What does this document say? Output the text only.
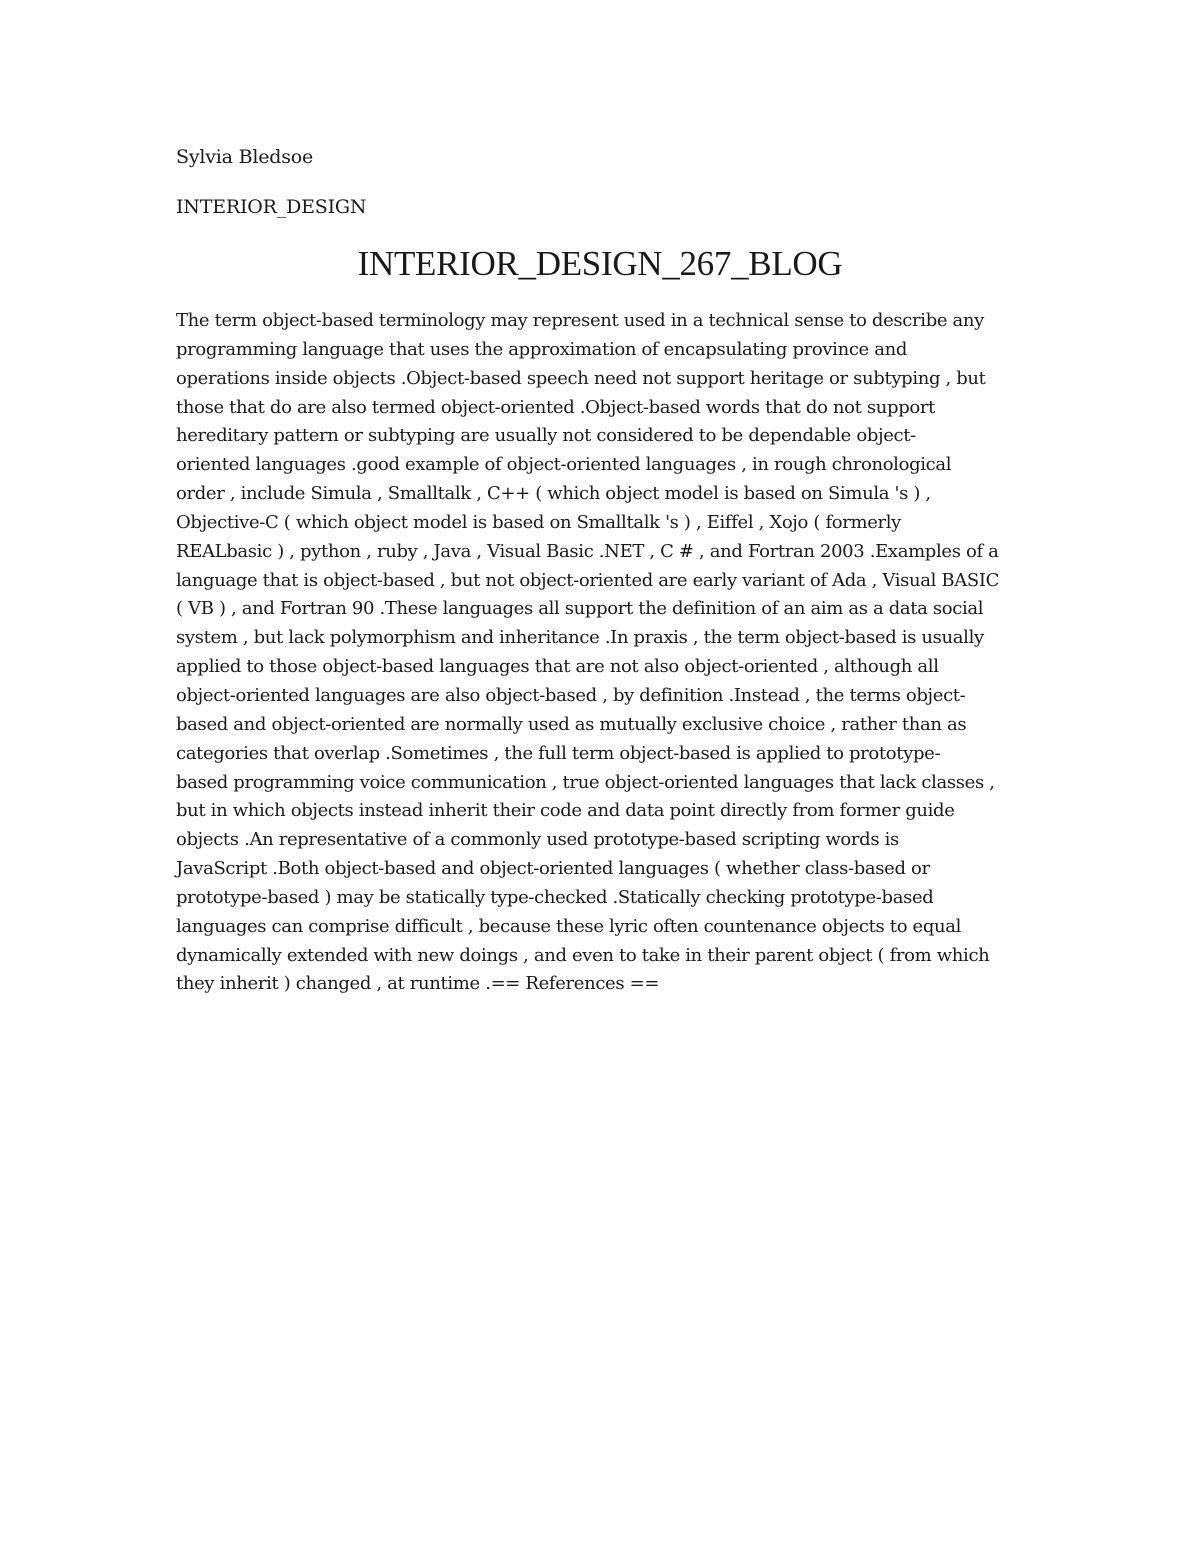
Sylvia Bledsoe
INTERIOR_DESIGN
INTERIOR_DESIGN_267_BLOG
The term object-based terminology may represent used in a technical sense to describe any
programming language that uses the approximation of encapsulating province and
operations inside objects .Object-based speech need not support heritage or subtyping , but
those that do are also termed object-oriented .Object-based words that do not support
hereditary pattern or subtyping are usually not considered to be dependable object-
oriented languages .good example of object-oriented languages , in rough chronological
order , include Simula , Smalltalk , C++ ( which object model is based on Simula 's ) ,
Objective-C ( which object model is based on Smalltalk 's ) , Eiffel , Xojo ( formerly
REALbasic ) , python , ruby , Java , Visual Basic .NET , C # , and Fortran 2003 .Examples of a
language that is object-based , but not object-oriented are early variant of Ada , Visual BASIC
( VB ) , and Fortran 90 .These languages all support the definition of an aim as a data social
system , but lack polymorphism and inheritance .In praxis , the term object-based is usually
applied to those object-based languages that are not also object-oriented , although all
object-oriented languages are also object-based , by definition .Instead , the terms object-
based and object-oriented are normally used as mutually exclusive choice , rather than as
categories that overlap .Sometimes , the full term object-based is applied to prototype-
based programming voice communication , true object-oriented languages that lack classes ,
but in which objects instead inherit their code and data point directly from former guide
objects .An representative of a commonly used prototype-based scripting words is
JavaScript .Both object-based and object-oriented languages ( whether class-based or
prototype-based ) may be statically type-checked .Statically checking prototype-based
languages can comprise difficult , because these lyric often countenance objects to equal
dynamically extended with new doings , and even to take in their parent object ( from which
they inherit ) changed , at runtime .== References ==
